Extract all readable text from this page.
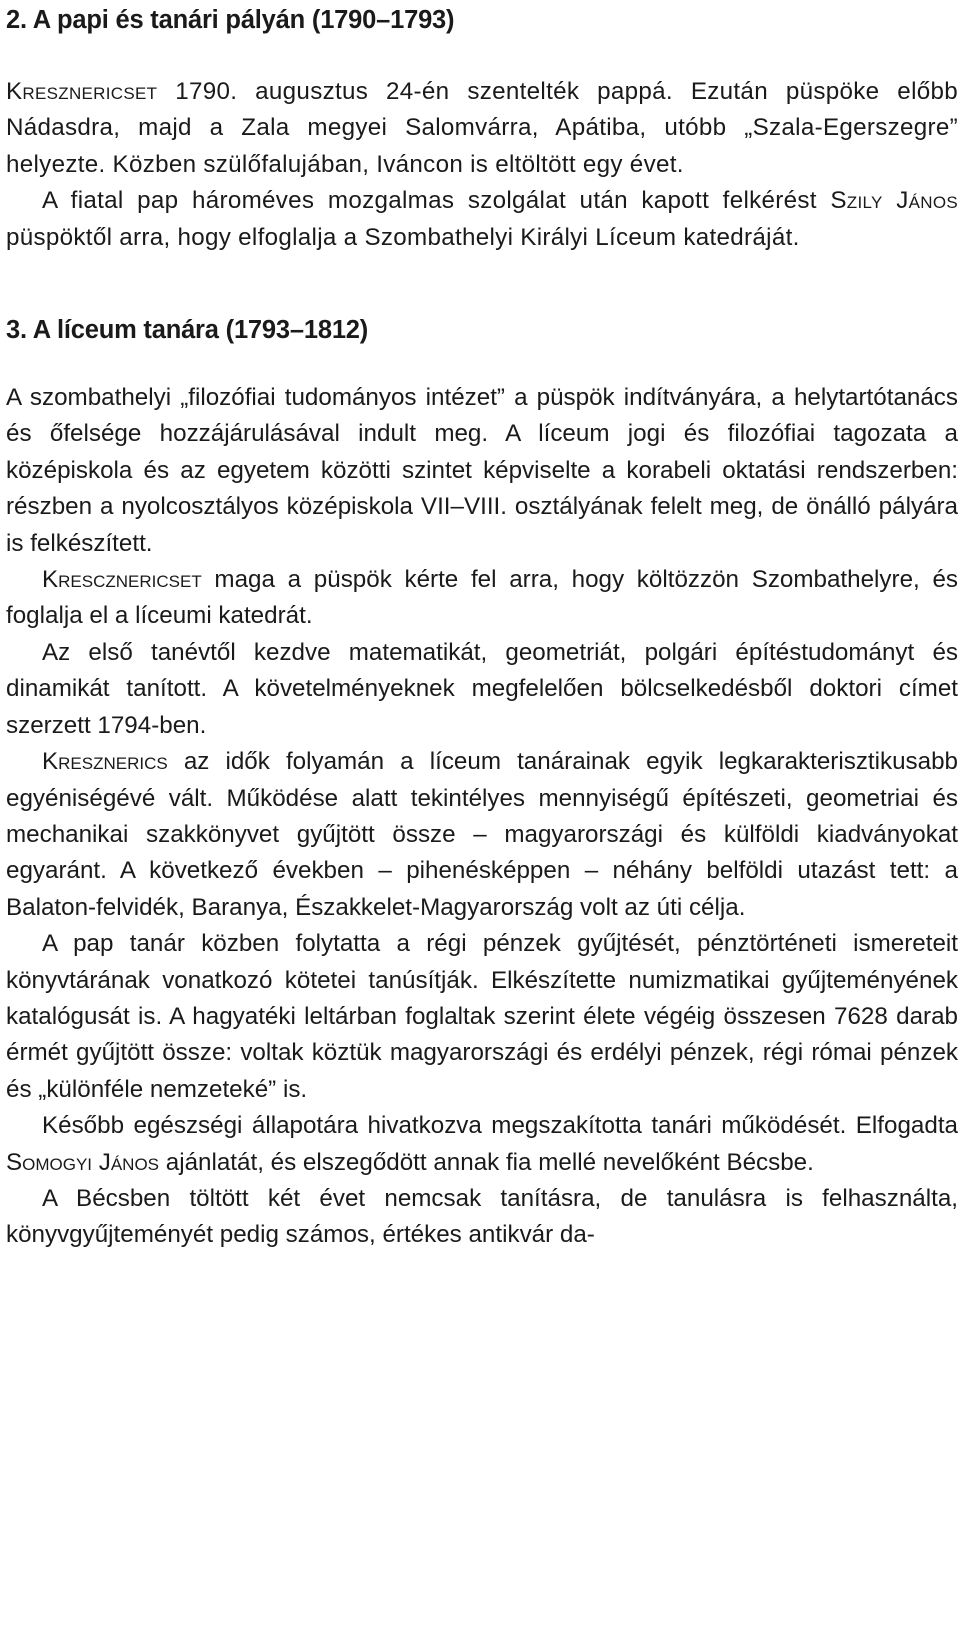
2. A papi és tanári pályán (1790–1793)

Kresznericset 1790. augusztus 24-én szentelték pappá. Ezután püspöke előbb Nádasdra, majd a Zala megyei Salomvárra, Apátiba, utóbb „Szala-Egerszegre” helyezte. Közben szülőfalujában, Iváncon is eltöltött egy évet.

A fiatal pap hároméves mozgalmas szolgálat után kapott felkérést Szily János püspöktől arra, hogy elfoglalja a Szombathelyi Királyi Líceum katedráját.

3. A líceum tanára (1793–1812)

A szombathelyi „filozófiai tudományos intézet” a püspök indítványára, a helytartótanács és őfelsége hozzájárulásával indult meg. A líceum jogi és filozófiai tagozata a középiskola és az egyetem közötti szintet képviselte a korabeli oktatási rendszerben: részben a nyolcosztályos középiskola VII–VIII. osztályának felelt meg, de önálló pályára is felkészített.

Krescznericset maga a püspök kérte fel arra, hogy költözzön Szombathelyre, és foglalja el a líceumi katedrát.

Az első tanévtől kezdve matematikát, geometriát, polgári építéstudományt és dinamikát tanított. A követelményeknek megfelelően bölcselkedésből doktori címet szerzett 1794-ben.

Kresznerics az idők folyamán a líceum tanárainak egyik legkarakterisztikusabb egyéniségévé vált. Működése alatt tekintélyes mennyiségű építészeti, geometriai és mechanikai szakkönyvet gyűjtött össze – magyarországi és külföldi kiadványokat egyaránt. A következő években – pihenésképpen – néhány belföldi utazást tett: a Balaton-felvidék, Baranya, Északkelet-Magyarország volt az úti célja.

A pap tanár közben folytatta a régi pénzek gyűjtését, pénztörténeti ismereteit könyvtárának vonatkozó kötetei tanúsítják. Elkészítette numizmatikai gyűjteményének katalógusát is. A hagyatéki leltárban foglaltak szerint élete végéig összesen 7628 darab érmét gyűjtött össze: voltak köztük magyarországi és erdélyi pénzek, régi római pénzek és „különféle nemzeteké” is.

Később egészségi állapotára hivatkozva megszakította tanári működését. Elfogadta Somogyi János ajánlatát, és elszegődött annak fia mellé nevelőként Bécsbe.

A Bécsben töltött két évet nemcsak tanításra, de tanulásra is felhasználta, könyvgyűjteményét pedig számos, értékes antikvár da-
